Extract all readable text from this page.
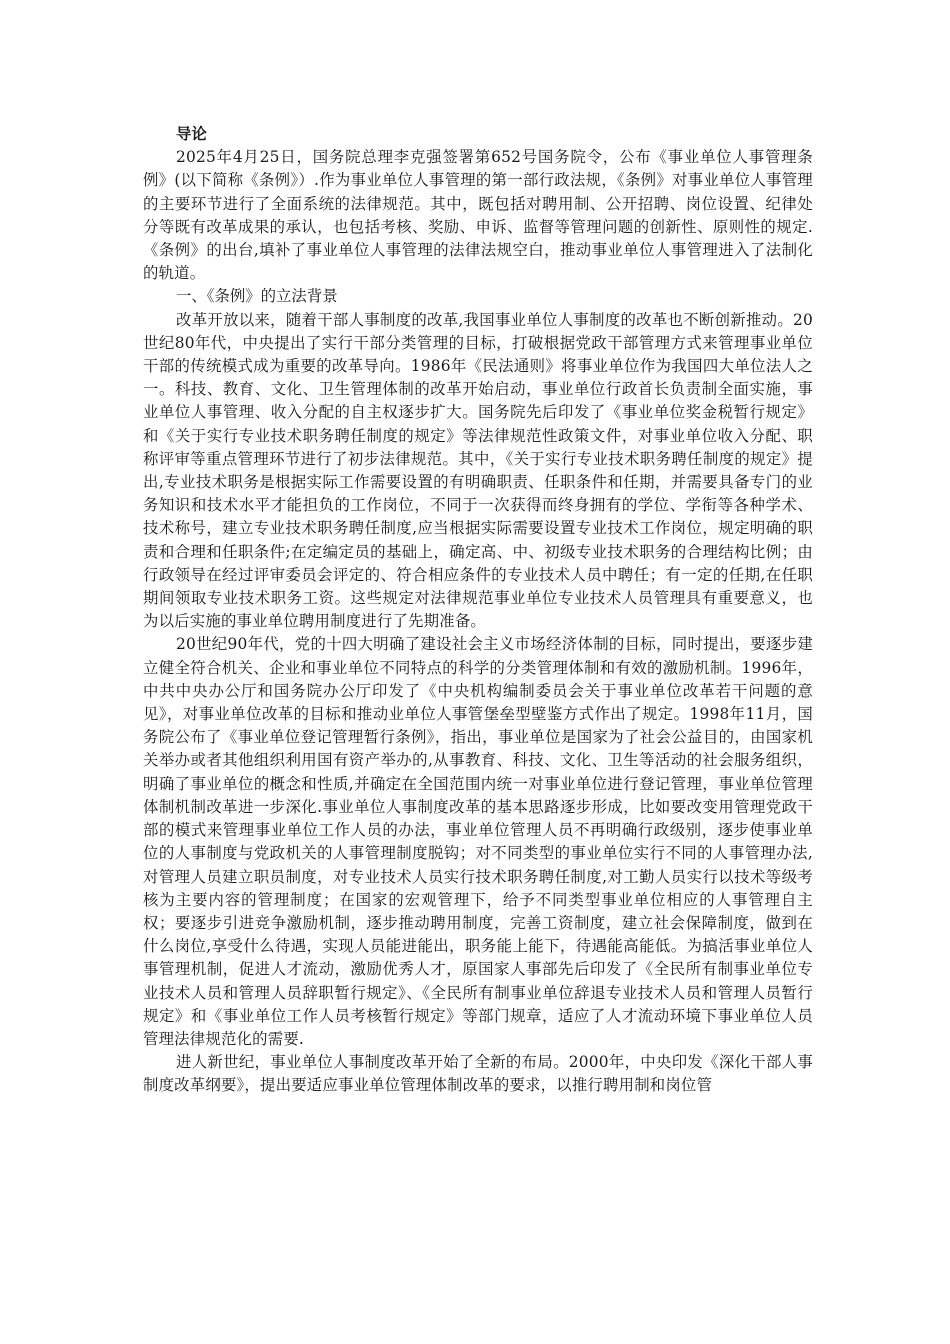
导论

2025年4月25日，国务院总理李克强签署第652号国务院令，公布《事业单位人事管理条例》(以下简称《条例》）.作为事业单位人事管理的第一部行政法规，《条例》对事业单位人事管理的主要环节进行了全面系统的法律规范。其中，既包括对聘用制、公开招聘、岗位设置、纪律处分等既有改革成果的承认，也包括考核、奖励、申诉、监督等管理问题的创新性、原则性的规定.《条例》的出台,填补了事业单位人事管理的法律法规空白，推动事业单位人事管理进入了法制化的轨道。

一、《条例》的立法背景

改革开放以来，随着干部人事制度的改革,我国事业单位人事制度的改革也不断创新推动。20世纪80年代，中央提出了实行干部分类管理的目标，打破根据党政干部管理方式来管理事业单位干部的传统模式成为重要的改革导向。1986年《民法通则》将事业单位作为我国四大单位法人之一。科技、教育、文化、卫生管理体制的改革开始启动，事业单位行政首长负责制全面实施，事业单位人事管理、收入分配的自主权逐步扩大。国务院先后印发了《事业单位奖金税暂行规定》和《关于实行专业技术职务聘任制度的规定》等法律规范性政策文件，对事业单位收入分配、职称评审等重点管理环节进行了初步法律规范。其中，《关于实行专业技术职务聘任制度的规定》提出,专业技术职务是根据实际工作需要设置的有明确职责、任职条件和任期，并需要具备专门的业务知识和技术水平才能担负的工作岗位，不同于一次获得而终身拥有的学位、学衔等各种学术、技术称号，建立专业技术职务聘任制度,应当根据实际需要设置专业技术工作岗位，规定明确的职责和合理和任职条件;在定编定员的基础上，确定高、中、初级专业技术职务的合理结构比例；由行政领导在经过评审委员会评定的、符合相应条件的专业技术人员中聘任；有一定的任期,在任职期间领取专业技术职务工资。这些规定对法律规范事业单位专业技术人员管理具有重要意义，也为以后实施的事业单位聘用制度进行了先期准备。

20世纪90年代，党的十四大明确了建设社会主义市场经济体制的目标，同时提出，要逐步建立健全符合机关、企业和事业单位不同特点的科学的分类管理体制和有效的激励机制。1996年，中共中央办公厅和国务院办公厅印发了《中央机构编制委员会关于事业单位改革若干问题的意见》，对事业单位改革的目标和推动业单位人事管堡垒型壁鉴方式作出了规定。1998年11月，国务院公布了《事业单位登记管理暂行条例》，指出，事业单位是国家为了社会公益目的，由国家机关举办或者其他组织利用国有资产举办的,从事教育、科技、文化、卫生等活动的社会服务组织，明确了事业单位的概念和性质,并确定在全国范围内统一对事业单位进行登记管理，事业单位管理体制机制改革进一步深化.事业单位人事制度改革的基本思路逐步形成，比如要改变用管理党政干部的模式来管理事业单位工作人员的办法，事业单位管理人员不再明确行政级别，逐步使事业单位的人事制度与党政机关的人事管理制度脱钩；对不同类型的事业单位实行不同的人事管理办法,对管理人员建立职员制度，对专业技术人员实行技术职务聘任制度,对工勤人员实行以技术等级考核为主要内容的管理制度；在国家的宏观管理下，给予不同类型事业单位相应的人事管理自主权；要逐步引进竞争激励机制，逐步推动聘用制度，完善工资制度，建立社会保障制度，做到在什么岗位,享受什么待遇，实现人员能进能出，职务能上能下，待遇能高能低。为搞活事业单位人事管理机制，促进人才流动，激励优秀人才，原国家人事部先后印发了《全民所有制事业单位专业技术人员和管理人员辞职暂行规定》、《全民所有制事业单位辞退专业技术人员和管理人员暂行规定》和《事业单位工作人员考核暂行规定》等部门规章，适应了人才流动环境下事业单位人员管理法律规范化的需要.

进人新世纪，事业单位人事制度改革开始了全新的布局。2000年，中央印发《深化干部人事制度改革纲要》，提出要适应事业单位管理体制改革的要求，以推行聘用制和岗位管
